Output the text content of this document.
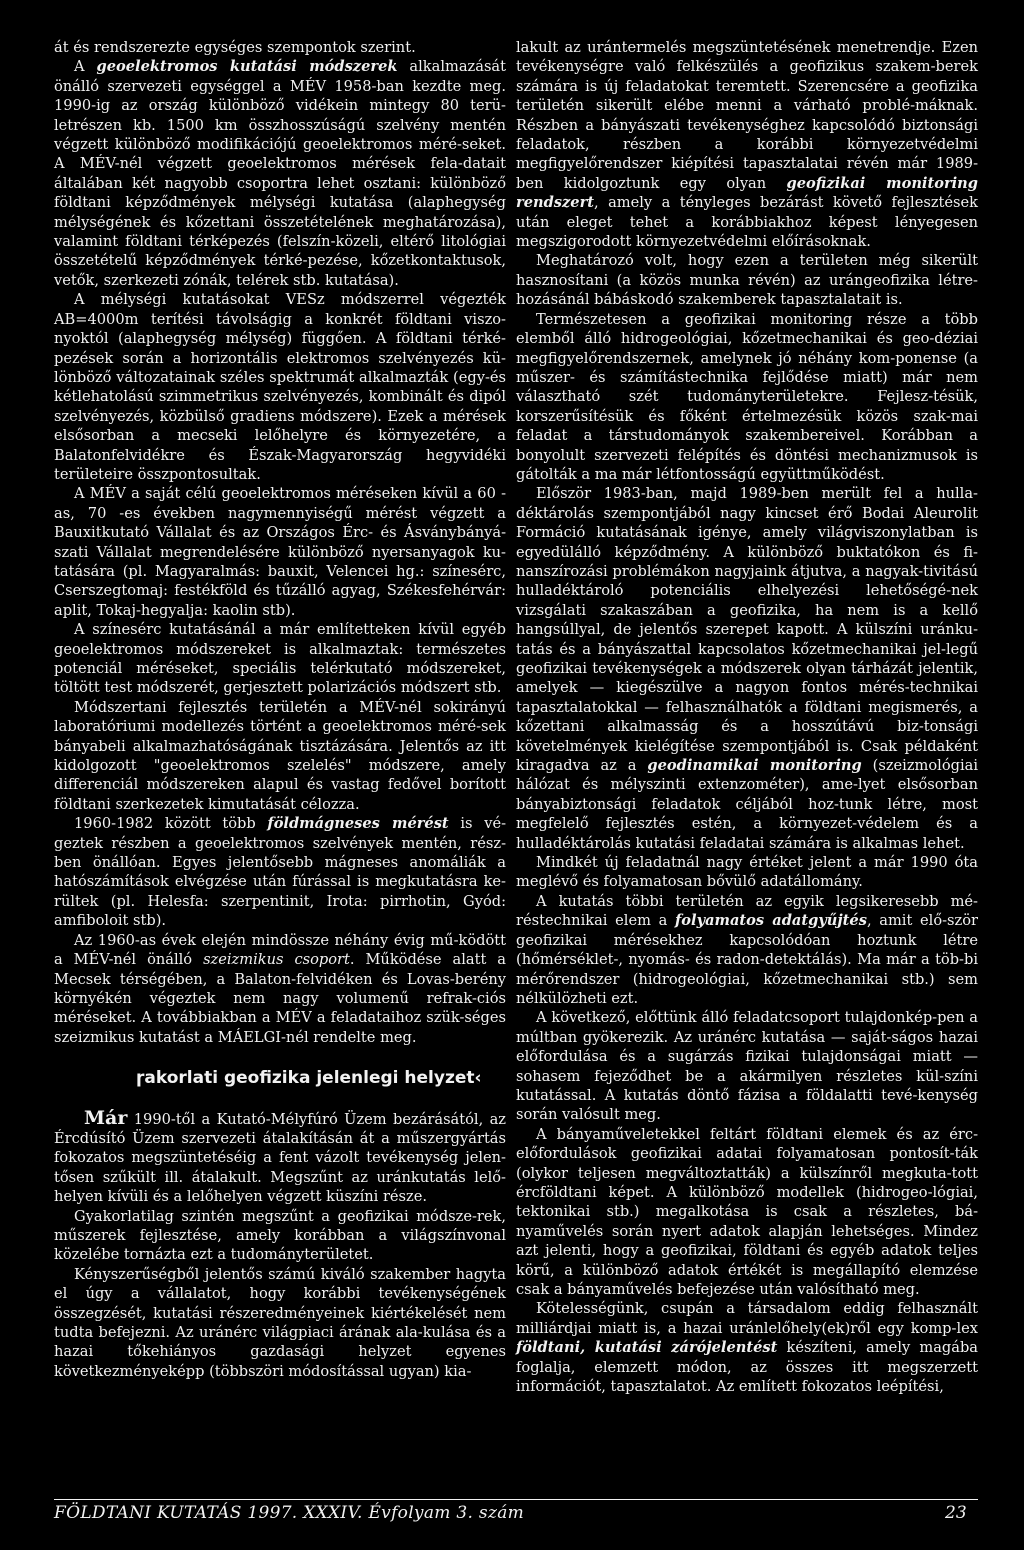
át és rendszerezte egységes szempontok szerint.

A geoelektromos kutatási módszerek alkalmazását önálló szervezeti egységgel a MÉV 1958-ban kezdte meg. 1990-ig az ország különböző vidékein mintegy 80 terü-letrészen kb. 1500 km összhosszúságú szelvény mentén végzett különböző modifikációjú geoelektromos méré-seket. A MÉV-nél végzett geoelektromos mérések fela-datait általában két nagyobb csoportra lehet osztani: különböző földtani képződmények mélységi kutatása (alaphegység mélységének és kőzettani összetételének meghatározása), valamint földtani térképezés (felszín-közeli, eltérő litológiai összetételű képződmények térké-pezése, kőzetkontaktusok, vetők, szerkezeti zónák, telérek stb. kutatása).

A mélységi kutatásokat VESz módszerrel végezték AB=4000m terítési távolságig a konkrét földtani viszo-nyoktól (alaphegység mélység) függően. A földtani térké-pezések során a horizontális elektromos szelvényezés kü-lönböző változatainak széles spektrumát alkalmazták (egy-és kétlehatolású szimmetrikus szelvényezés, kombinált és dipól szelvényezés, közbülső gradiens módszere). Ezek a mérések elsősorban a mecseki lelőhelyre és környezetére, a Balatonfelvidékre és Észak-Magyarország hegyvidéki területeire összpontosultak.

A MÉV a saját célú geoelektromos méréseken kívül a 60 -as, 70 -es években nagymennyiségű mérést végzett a Bauxitkutató Vállalat és az Országos Érc- és Ásványbányá-szati Vállalat megrendelésére különböző nyersanyagok ku-tatására (pl. Magyaralmás: bauxit, Velencei hg.: színesérc, Cserszegtomaj: festékföld és tűzálló agyag, Székesfehérvár: aplit, Tokaj-hegyalja: kaolin stb).

A színesérc kutatásánál a már említetteken kívül egyéb geoelektromos módszereket is alkalmaztak: természetes potenciál méréseket, speciális telérkutató módszereket, töltött test módszerét, gerjesztett polarizációs módszert stb.

Módszertani fejlesztés területén a MÉV-nél sokirányú laboratóriumi modellezés történt a geoelektromos méré-sek bányabeli alkalmazhatóságának tisztázására. Jelentős az itt kidolgozott "geoelektromos szelelés" módszere, amely differenciál módszereken alapul és vastag fedővel borított földtani szerkezetek kimutatását célozza.

1960-1982 között több földmágneses mérést is vé-geztek részben a geoelektromos szelvények mentén, rész-ben önállóan. Egyes jelentősebb mágneses anomáliák a hatószámítások elvégzése után fúrással is megkutatásra ke-rültek (pl. Helesfa: szerpentinit, Irota: pirrhotin, Gyód: amfiboloit stb).

Az 1960-as évek elején mindössze néhány évig mű-ködött a MÉV-nél önálló szeizmikus csoport. Működése alatt a Mecsek térségében, a Balaton-felvidéken és Lovas-berény környékén végeztek nem nagy volumenű refrak-ciós méréseket. A továbbiakban a MÉV a feladataihoz szük-séges szeizmikus kutatást a MÁELGI-nél rendelte meg.

ɼakorlati geofizika jelenlegi helyzet‹

Már 1990-től a Kutató-Mélyfúró Üzem bezárásától, az Ércdúsító Üzem szervezeti átalakításán át a műszergyártás fokozatos megszüntetéséig a fent vázolt tevékenység jelen-tősen szűkült ill. átalakult. Megszűnt az uránkutatás lelő-helyen kívüli és a lelőhelyen végzett küszíni része.

Gyakorlatilag szintén megszűnt a geofizikai módsze-rek, műszerek fejlesztése, amely korábban a világszínvonal közelébe tornázta ezt a tudományterületet.

Kényszerűségből jelentős számú kiváló szakember hagyta el úgy a vállalatot, hogy korábbi tevékenységének összegzését, kutatási részeredményeinek kiértékelését nem tudta befejezni. Az uránérc világpiaci árának ala-kulása és a hazai tőkehiányos gazdasági helyzet egyenes következményeképp (többszöri módosítással ugyan) kia-

lakult az urántermelés megszüntetésének menetrendje. Ezen tevékenységre való felkészülés a geofizikus szakem-berek számára is új feladatokat teremtett. Szerencsére a geofizika területén sikerült elébe menni a várható problé-máknak. Részben a bányászati tevékenységhez kapcsolódó biztonsági feladatok, részben a korábbi környezetvédelmi megfigyelőrendszer kiépítési tapasztalatai révén már 1989-ben kidolgoztunk egy olyan geofizikai monitoring rendszert, amely a tényleges bezárást követő fejlesztések után eleget tehet a korábbiakhoz képest lényegesen megszigorodott környezetvédelmi előírásoknak.

Meghatározó volt, hogy ezen a területen még sikerült hasznosítani (a közös munka révén) az urángeofizika létre-hozásánál bábáskodó szakemberek tapasztalatait is.

Természetesen a geofizikai monitoring része a több elemből álló hidrogeológiai, kőzetmechanikai és geo-déziai megfigyelőrendszernek, amelynek jó néhány kom-ponense (a műszer- és számítástechnika fejlődése miatt) már nem választható szét tudományterületekre. Fejlesz-tésük, korszerűsítésük és főként értelmezésük közös szak-mai feladat a társtudományok szakembereivel. Korábban a bonyolult szervezeti felépítés és döntési mechanizmusok is gátolták a ma már létfontosságú együttműködést.

Először 1983-ban, majd 1989-ben merült fel a hulla-déktárolás szempontjából nagy kincset érő Bodai Aleurolit Formáció kutatásának igénye, amely világviszonylatban is egyedülálló képződmény. A különböző buktatókon és fi-nanszírozási problémákon nagyjaink átjutva, a nagyak-tivitású hulladéktároló potenciális elhelyezési lehetőségé-nek vizsgálati szakaszában a geofizika, ha nem is a kellő hangsúllyal, de jelentős szerepet kapott. A külszíni uránku-tatás és a bányászattal kapcsolatos kőzetmechanikai jel-legű geofizikai tevékenységek a módszerek olyan tárházát jelentik, amelyek — kiegészülve a nagyon fontos mérés-technikai tapasztalatokkal — felhasználhatók a földtani megismerés, a kőzettani alkalmasság és a hosszútávú biz-tonsági követelmények kielégítése szempontjából is. Csak példaként kiragadva az a geodinamikai monitoring (szeizmológiai hálózat és mélyszinti extenzométer), ame-lyet elsősorban bányabiztonsági feladatok céljából hoz-tunk létre, most megfelelő fejlesztés estén, a környezet-védelem és a hulladéktárolás kutatási feladatai számára is alkalmas lehet.

Mindkét új feladatnál nagy értéket jelent a már 1990 óta meglévő és folyamatosan bővülő adatállomány.

A kutatás többi területén az egyik legsikeresebb mé-réstechnikai elem a folyamatos adatgyűjtés, amit elő-ször geofizikai mérésekhez kapcsolódóan hoztunk létre (hőmérséklet-, nyomás- és radon-detektálás). Ma már a töb-bi mérőrendszer (hidrogeológiai, kőzetmechanikai stb.) sem nélkülözheti ezt.

A következő, előttünk álló feladatcsoport tulajdonkép-pen a múltban gyökerezik. Az uránérc kutatása — saját-ságos hazai előfordulása és a sugárzás fizikai tulajdonságai miatt — sohasem fejeződhet be a akármilyen részletes kül-színi kutatással. A kutatás döntő fázisa a földalatti tevé-kenység során valósult meg.

A bányaműveletekkel feltárt földtani elemek és az érc-előfordulások geofizikai adatai folyamatosan pontosít-ták (olykor teljesen megváltoztatták) a külszínről megkuta-tott ércföldtani képet. A különböző modellek (hidrogeo-lógiai, tektonikai stb.) megalkotása is csak a részletes, bá-nyaművelés során nyert adatok alapján lehetséges. Mindez azt jelenti, hogy a geofizikai, földtani és egyéb adatok teljes körű, a különböző adatok értékét is megállapító elemzése csak a bányaművelés befejezése után valósítható meg.

Kötelességünk, csupán a társadalom eddig felhasznált milliárdjai miatt is, a hazai uránlelőhely(ek)ről egy komp-lex földtani, kutatási zárójelentést készíteni, amely magába foglalja, elemzett módon, az összes itt megszerzett információt, tapasztalatot. Az említett fokozatos leépítési,

FÖLDTANI KUTATÁS 1997. XXXIV. Évfolyam 3. szám	23
